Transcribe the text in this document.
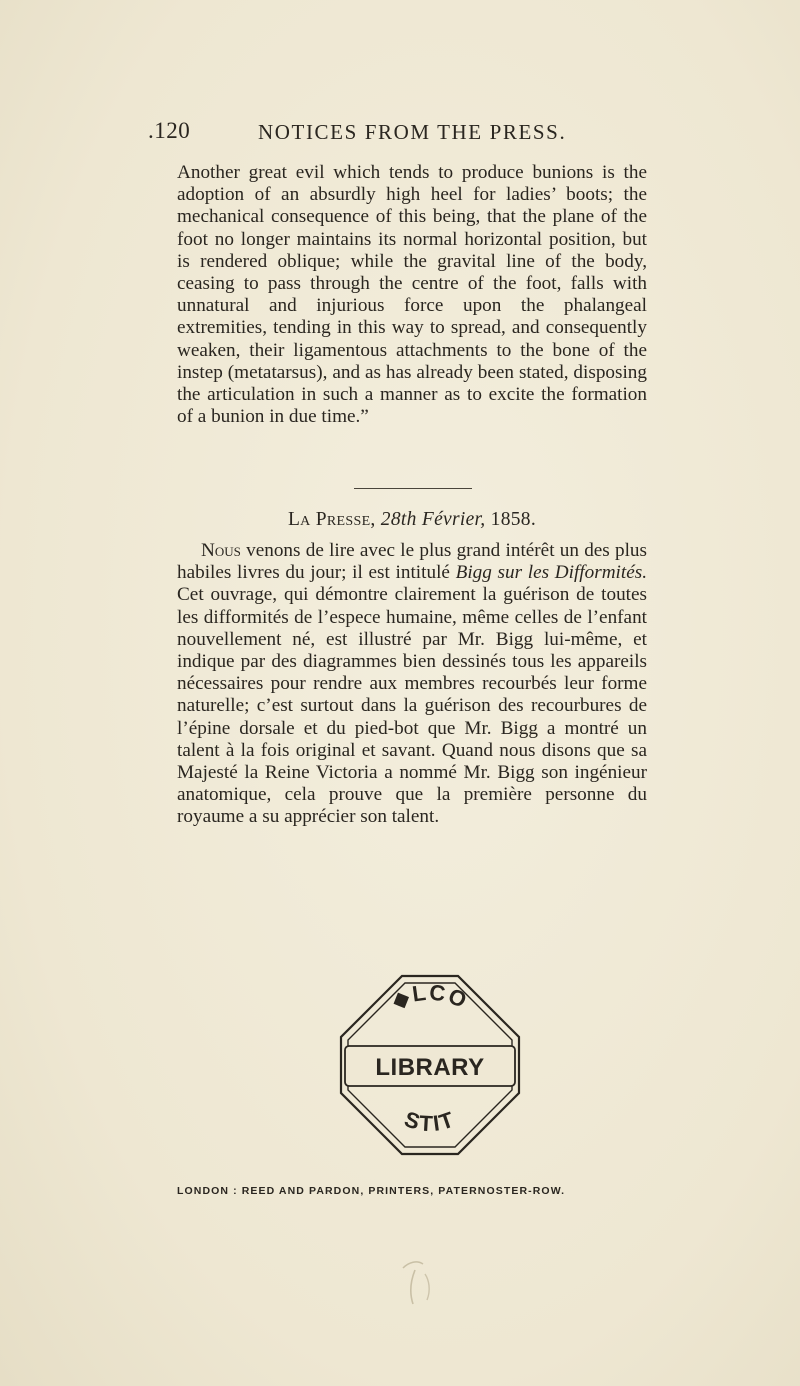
.120	NOTICES FROM THE PRESS.

Another great evil which tends to produce bunions is the adoption of an absurdly high heel for ladies’ boots; the mechanical consequence of this being, that the plane of the foot no longer maintains its normal horizontal position, but is rendered oblique; while the gravital line of the body, ceasing to pass through the centre of the foot, falls with unnatural and injurious force upon the phalangeal extremities, tending in this way to spread, and consequently weaken, their ligamentous attachments to the bone of the instep (metatarsus), and as has already been stated, disposing the articulation in such a manner as to excite the formation of a bunion in due time.”

La Presse, 28th Février, 1858.

Nous venons de lire avec le plus grand intérêt un des plus habiles livres du jour; il est intitulé Bigg sur les Difformités. Cet ouvrage, qui démontre clairement la guérison de toutes les difformités de l’espece humaine, même celles de l’enfant nouvellement né, est illustré par Mr. Bigg lui-même, et indique par des diagrammes bien dessinés tous les appareils nécessaires pour rendre aux membres recourbés leur forme naturelle; c’est surtout dans la guérison des recourbures de l’épine dorsale et du pied-bot que Mr. Bigg a montré un talent à la fois original et savant. Quand nous disons que sa Majesté la Reine Victoria a nommé Mr. Bigg son ingénieur anatomique, cela prouve que la première personne du royaume a su apprécier son talent.

◆LCO
LIBRARY
STIT
LONDON : REED AND PARDON, PRINTERS, PATERNOSTER-ROW.
